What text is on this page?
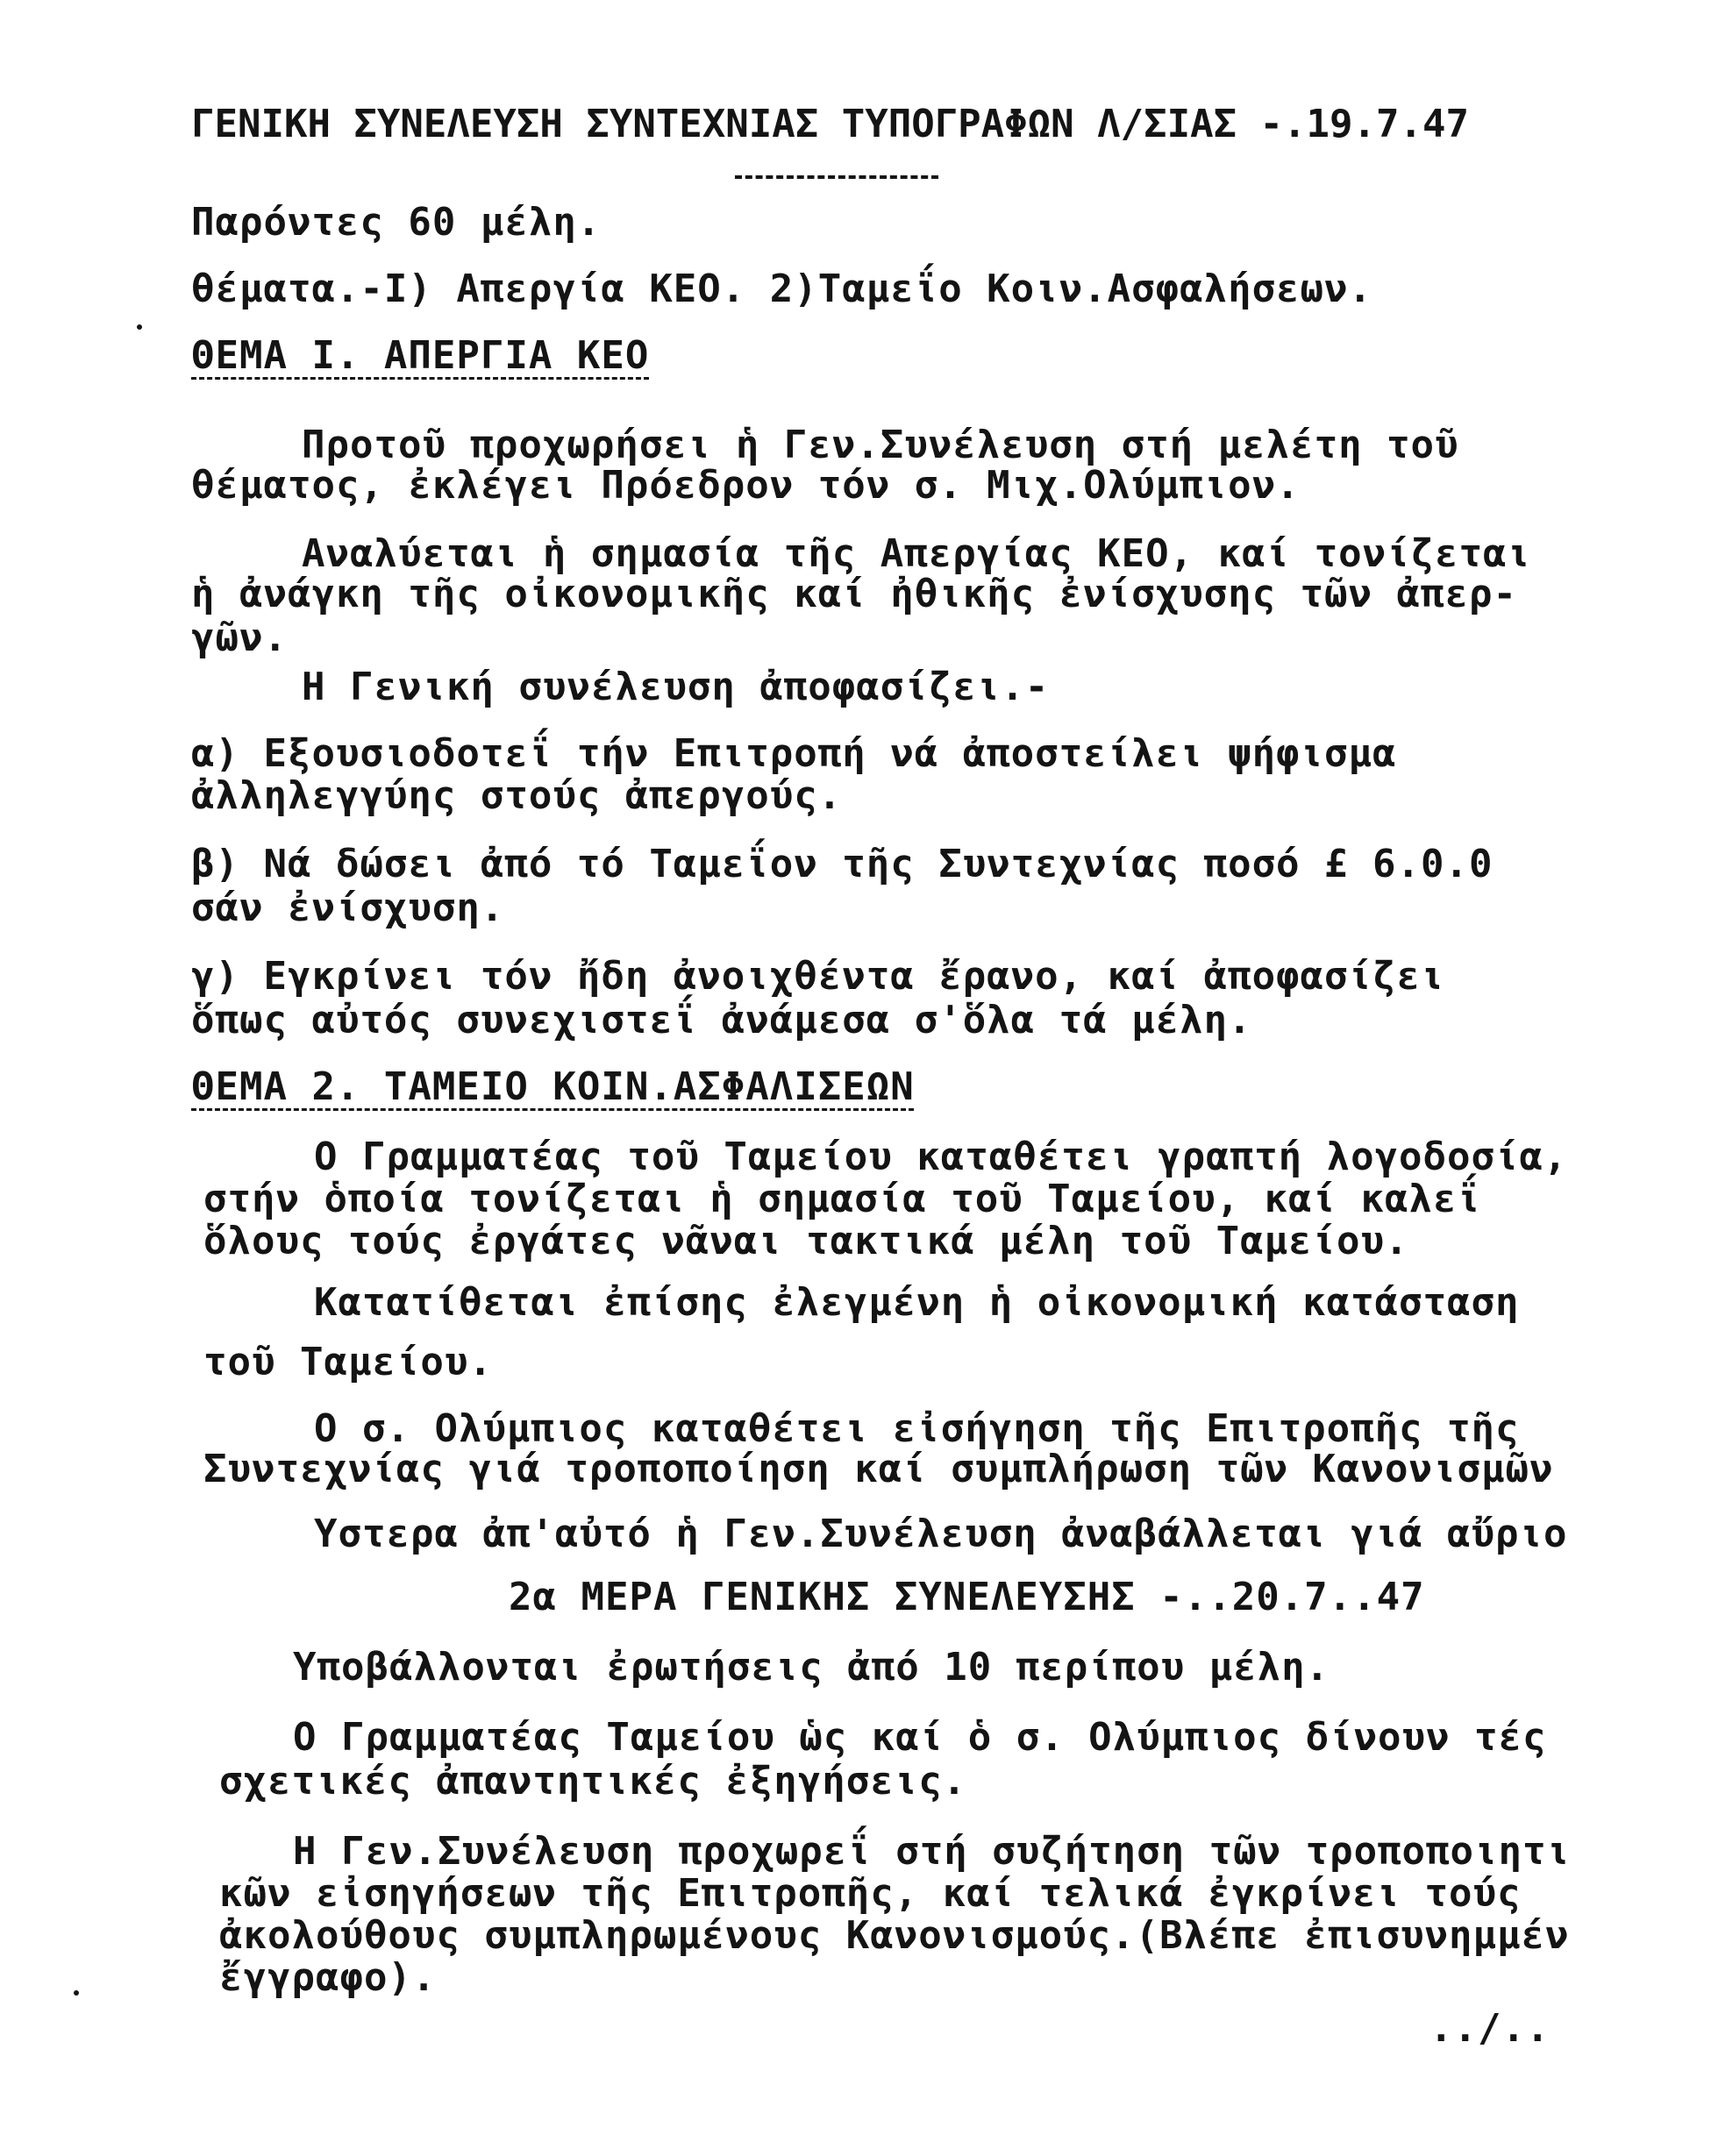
ΓΕΝΙΚΗ ΣΥΝΕΛΕΥΣΗ ΣΥΝΤΕΧΝΙΑΣ ΤΥΠΟΓΡΑΦΩΝ Λ/ΣΙΑΣ -.19.7.47
Παρόντες 60 μέλη.
θέματα.-I) Απεργία ΚΕΟ. 2)Ταμεΐο Κοιν.Ασφαλήσεων.
ΘΕΜΑ Ι. ΑΠΕΡΓΙΑ ΚΕΟ
Προτοῦ προχωρήσει ἡ Γεν.Συνέλευση στή μελέτη τοῦ
θέματος, ἐκλέγει Πρόεδρον τόν σ. Μιχ.Ολύμπιον.
Αναλύεται ἡ σημασία τῆς Απεργίας ΚΕΟ, καί τονίζεται
ἡ ἀνάγκη τῆς οἰκονομικῆς καί ἠθικῆς ἐνίσχυσης τῶν ἀπερ-
γῶν.
Η Γενική συνέλευση ἀποφασίζει.-
α) Εξουσιοδοτεΐ τήν Επιτροπή νά ἀποστείλει ψήφισμα
ἀλληλεγγύης στούς ἀπεργούς.
β) Νά δώσει ἀπό τό Ταμεΐον τῆς Συντεχνίας ποσό £ 6.0.0
σάν ἐνίσχυση.
γ) Εγκρίνει τόν ἤδη ἀνοιχθέντα ἔρανο, καί ἀποφασίζει
ὅπως αὐτός συνεχιστεΐ ἀνάμεσα σ'ὅλα τά μέλη.
ΘΕΜΑ 2. ΤΑΜΕΙΟ ΚΟΙΝ.ΑΣΦΑΛΙΣΕΩΝ
Ο Γραμματέας τοῦ Ταμείου καταθέτει γραπτή λογοδοσία,
στήν ὁποία τονίζεται ἡ σημασία τοῦ Ταμείου, καί καλεΐ
ὅλους τούς ἐργάτες νᾶναι τακτικά μέλη τοῦ Ταμείου.
Κατατίθεται ἐπίσης ἐλεγμένη ἡ οἰκονομική κατάσταση
τοῦ Ταμείου.
Ο σ. Ολύμπιος καταθέτει εἰσήγηση τῆς Επιτροπῆς τῆς
Συντεχνίας γιά τροποποίηση καί συμπλήρωση τῶν Κανονισμῶν
Υστερα ἀπ'αὐτό ἡ Γεν.Συνέλευση ἀναβάλλεται γιά αὔριο
2α ΜΕΡΑ ΓΕΝΙΚΗΣ ΣΥΝΕΛΕΥΣΗΣ -..20.7..47
Υποβάλλονται ἐρωτήσεις ἀπό 10 περίπου μέλη.
Ο Γραμματέας Ταμείου ὡς καί ὁ σ. Ολύμπιος δίνουν τές
σχετικές ἀπαντητικές ἐξηγήσεις.
Η Γεν.Συνέλευση προχωρεΐ στή συζήτηση τῶν τροποποιητι
κῶν εἰσηγήσεων τῆς Επιτροπῆς, καί τελικά ἐγκρίνει τούς
ἀκολούθους συμπληρωμένους Κανονισμούς.(Βλέπε ἐπισυνημμέν
ἔγγραφο).
../..
